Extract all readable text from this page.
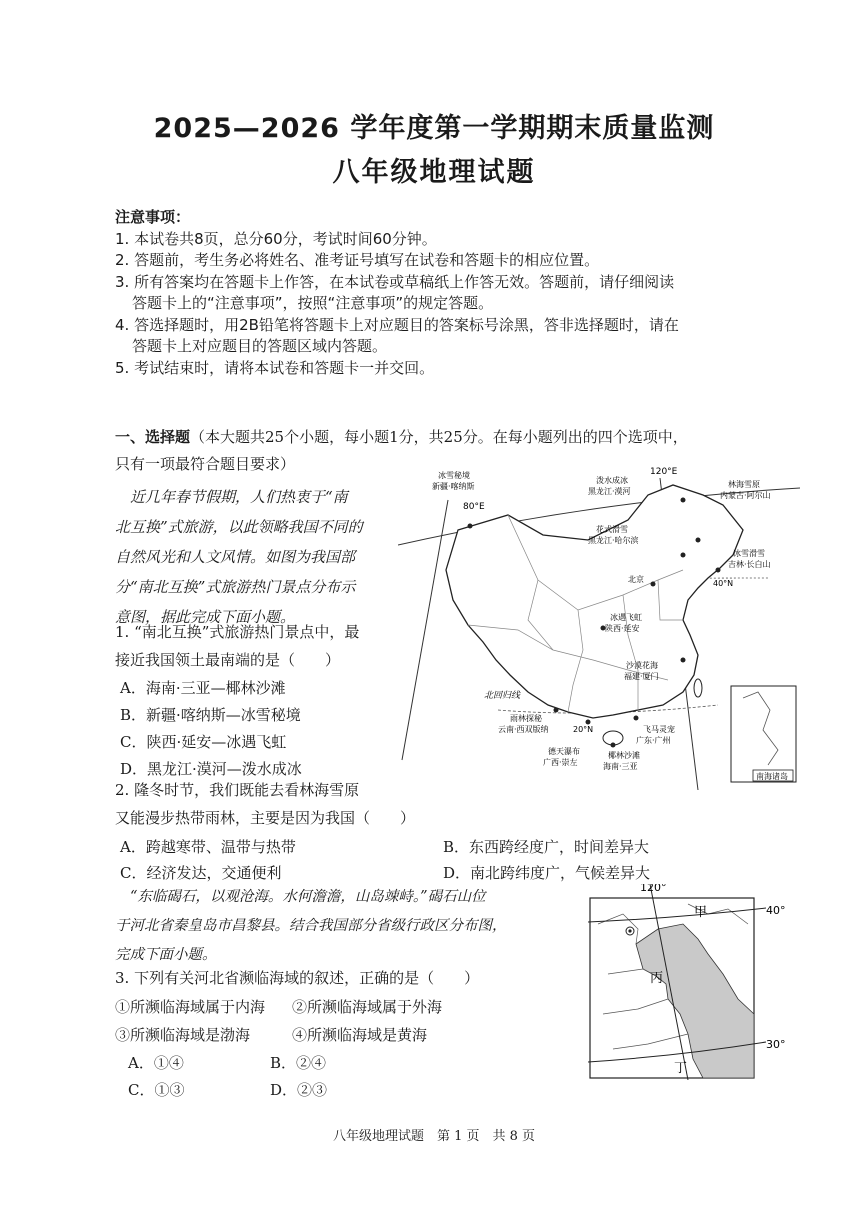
2025—2026 学年度第一学期期末质量监测
八年级地理试题
注意事项：
1. 本试卷共8页，总分60分，考试时间60分钟。
2. 答题前，考生务必将姓名、准考证号填写在试卷和答题卡的相应位置。
3. 所有答案均在答题卡上作答，在本试卷或草稿纸上作答无效。答题前，请仔细阅读
答题卡上的“注意事项”，按照“注意事项”的规定答题。
4. 答选择题时，用2B铅笔将答题卡上对应题目的答案标号涂黑，答非选择题时，请在
答题卡上对应题目的答题区域内答题。
5. 考试结束时，请将本试卷和答题卡一并交回。
一、选择题（本大题共25个小题，每小题1分，共25分。在每小题列出的四个选项中，
只有一项最符合题目要求）
近几年春节假期，人们热衷于“南
北互换”式旅游，以此领略我国不同的
自然风光和人文风情。如图为我国部
分“南北互换”式旅游热门景点分布示
意图，据此完成下面小题。
1. “南北互换”式旅游热门景点中，最
接近我国领土最南端的是（　　）
A．海南·三亚—椰林沙滩
B．新疆·喀纳斯—冰雪秘境
C．陕西·延安—冰遇飞虹
D．黑龙江·漠河—泼水成冰
2. 隆冬时节，我们既能去看林海雪原
又能漫步热带雨林，主要是因为我国（　　）
A．跨越寒带、温带与热带	B．东西跨经度广，时间差异大
C．经济发达，交通便利	D．南北跨纬度广，气候差异大
“东临碣石，以观沧海。水何澹澹，山岛竦峙。”碣石山位
于河北省秦皇岛市昌黎县。结合我国部分省级行政区分布图，
完成下面小题。
3. 下列有关河北省濒临海域的叙述，正确的是（　　）
①所濒临海域属于内海 ②所濒临海域属于外海
③所濒临海域是渤海	④所濒临海域是黄海
A．①④	B．②④
C．①③	D．②③
冰雪秘境
新疆·喀纳斯
80°E
泼水成冰
黑龙江·漠河
120°E
林海雪原
内蒙古·阿尔山
花式滑雪
黑龙江·哈尔滨
冰雪滑雪
吉林·长白山
北京	40°N
冰遇飞虹
陕西·延安
沙漠花海
福建·厦门
北回归线
雨林探秘
云南·西双版纳	20°N	飞马灵宠
广东·广州
德天瀑布
广西·崇左
椰林沙滩
海南·三亚
南海诸岛
120°
40°
30°
甲
丙
丁
八年级地理试题　第 1 页　共 8 页
